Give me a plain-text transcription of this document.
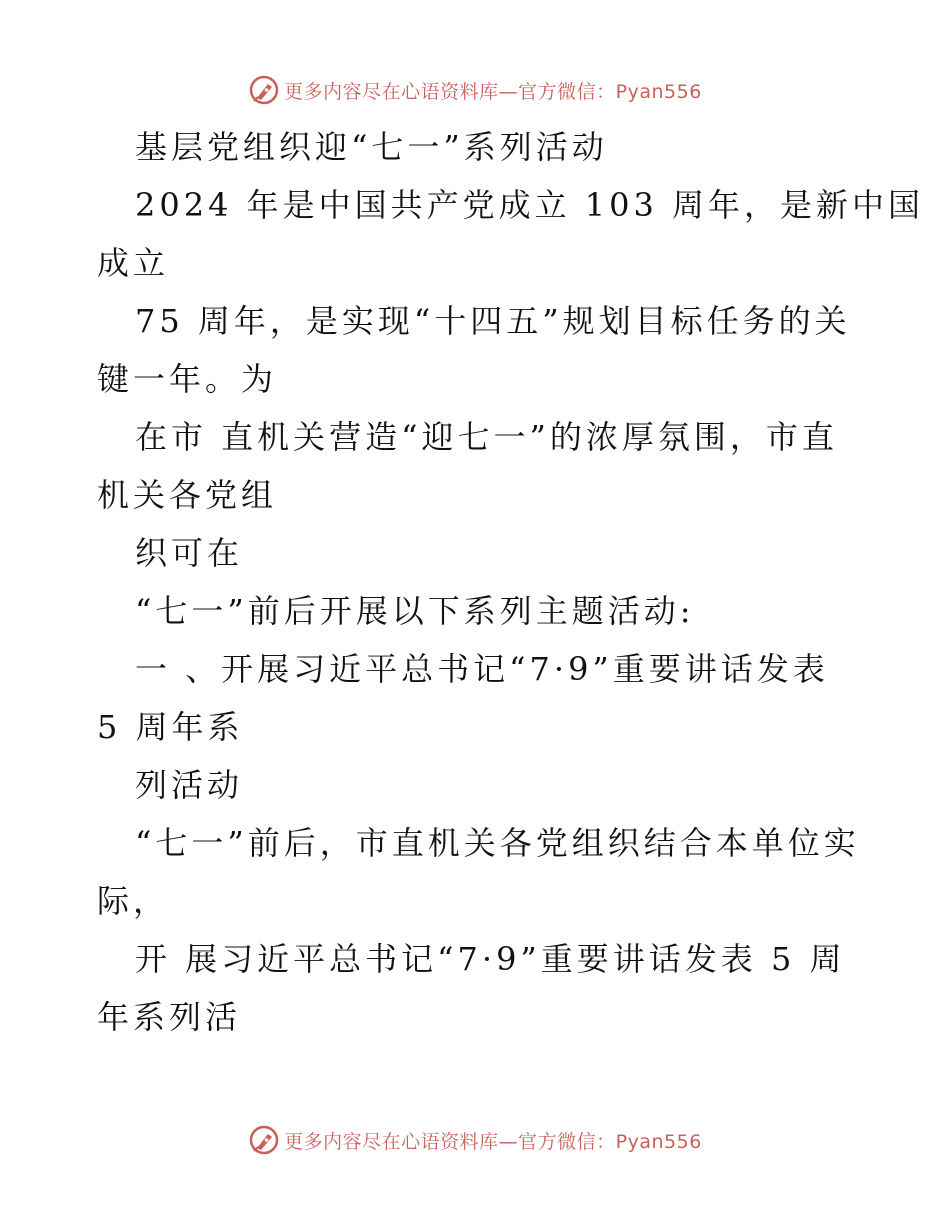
更多内容尽在心语资料库—官方微信：Pyan556
基层党组织迎“七一”系列活动
2024 年是中国共产党成立 103 周年，是新中国
成立
75 周年，是实现“十四五”规划目标任务的关
键一年。为
在市 直机关营造“迎七一”的浓厚氛围，市直
机关各党组
织可在
“七一”前后开展以下系列主题活动:
一 、开展习近平总书记“7·9”重要讲话发表
5 周年系
列活动
“七一”前后，市直机关各党组织结合本单位实
际，
开 展习近平总书记“7·9”重要讲话发表 5 周
年系列活
更多内容尽在心语资料库—官方微信：Pyan556
